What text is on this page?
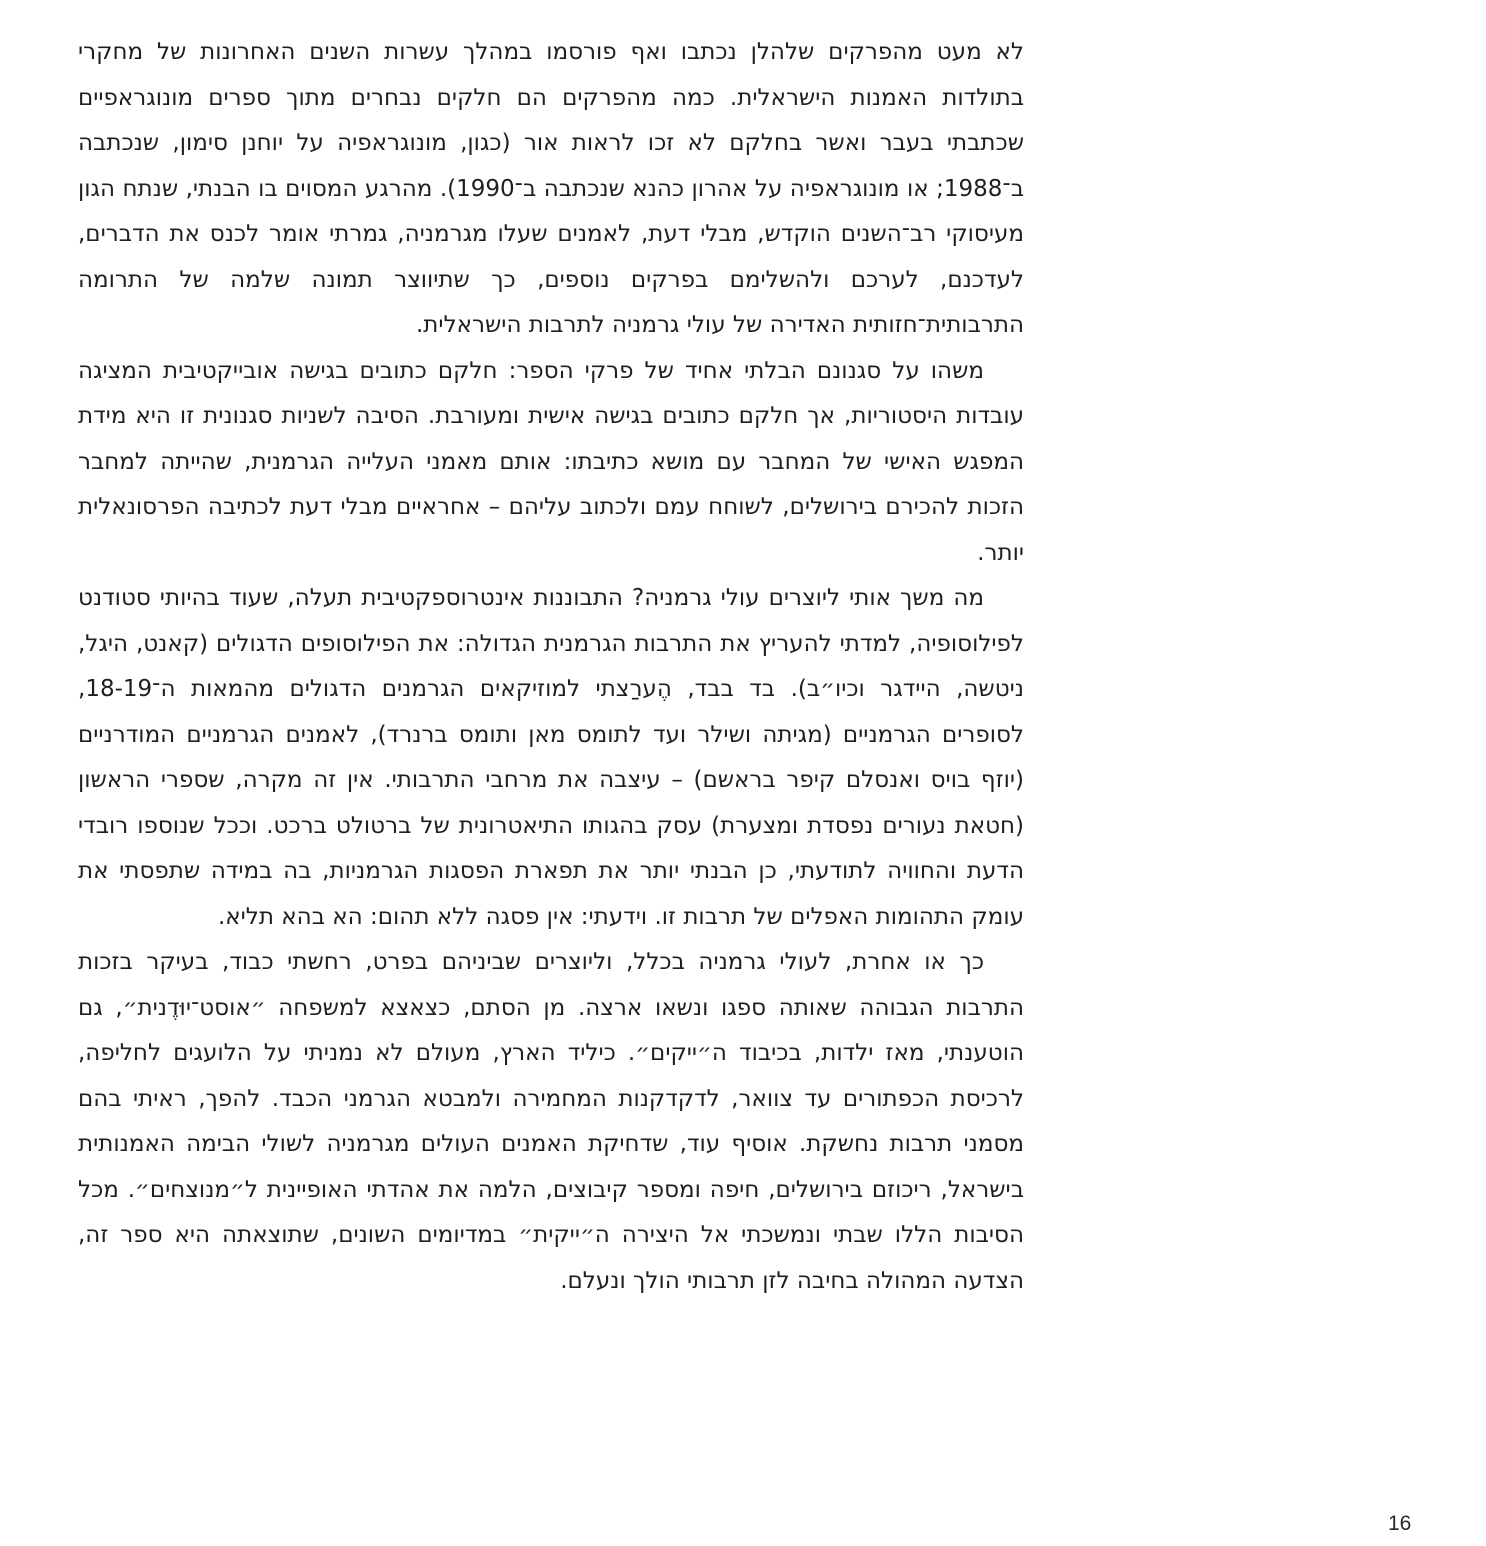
לא מעט מהפרקים שלהלן נכתבו ואף פורסמו במהלך עשרות השנים האחרונות של מחקרי בתולדות האמנות הישראלית. כמה מהפרקים הם חלקים נבחרים מתוך ספרים מונוגראפיים שכתבתי בעבר ואשר בחלקם לא זכו לראות אור (כגון, מונוגראפיה על יוחנן סימון, שנכתבה ב־1988; או מונוגראפיה על אהרון כהנא שנכתבה ב־1990). מהרגע המסוים בו הבנתי, שנתח הגון מעיסוקי רב־השנים הוקדש, מבלי דעת, לאמנים שעלו מגרמניה, גמרתי אומר לכנס את הדברים, לעדכנם, לערכם ולהשלימם בפרקים נוספים, כך שתיווצר תמונה שלמה של התרומה התרבותית־חזותית האדירה של עולי גרמניה לתרבות הישראלית.

משהו על סגנונם הבלתי אחיד של פרקי הספר: חלקם כתובים בגישה אובייקטיבית המציגה עובדות היסטוריות, אך חלקם כתובים בגישה אישית ומעורבת. הסיבה לשניות סגנונית זו היא מידת המפגש האישי של המחבר עם מושא כתיבתו: אותם מאמני העלייה הגרמנית, שהייתה למחבר הזכות להכירם בירושלים, לשוחח עמם ולכתוב עליהם – אחראיים מבלי דעת לכתיבה הפרסונאלית יותר.

מה משך אותי ליוצרים עולי גרמניה? התבוננות אינטרוספקטיבית תעלה, שעוד בהיותי סטודנט לפילוסופיה, למדתי להעריץ את התרבות הגרמנית הגדולה: את הפילוסופים הדגולים (קאנט, היגל, ניטשה, היידגר וכיו״ב). בד בבד, הֶערַצתי למוזיקאים הגרמנים הדגולים מהמאות ה־18-19, לסופרים הגרמניים (מגיתה ושילר ועד לתומס מאן ותומס ברנרד), לאמנים הגרמניים המודרניים (יוזף בויס ואנסלם קיפר בראשם) – עיצבה את מרחבי התרבותי. אין זה מקרה, שספרי הראשון (חטאת נעורים נפסדת ומצערת) עסק בהגותו התיאטרונית של ברטולט ברכט. וככל שנוספו רובדי הדעת והחוויה לתודעתי, כן הבנתי יותר את תפארת הפסגות הגרמניות, בה במידה שתפסתי את עומק התהומות האפלים של תרבות זו. וידעתי: אין פסגה ללא תהום: הא בהא תליא.

כך או אחרת, לעולי גרמניה בכלל, וליוצרים שביניהם בפרט, רחשתי כבוד, בעיקר בזכות התרבות הגבוהה שאותה ספגו ונשאו ארצה. מן הסתם, כצאצא למשפחה ״אוסט־יוּדֶנית״, גם הוטענתי, מאז ילדות, בכיבוד ה״ייקים״. כיליד הארץ, מעולם לא נמניתי על הלועגים לחליפה, לרכיסת הכפתורים עד צוואר, לדקדקנות המחמירה ולמבטא הגרמני הכבד. להפך, ראיתי בהם מסמני תרבות נחשקת. אוסיף עוד, שדחיקת האמנים העולים מגרמניה לשולי הבימה האמנותית בישראל, ריכוזם בירושלים, חיפה ומספר קיבוצים, הלמה את אהדתי האופיינית ל״מנוצחים״. מכל הסיבות הללו שבתי ונמשכתי אל היצירה ה״ייקית״ במדיומים השונים, שתוצאתה היא ספר זה, הצדעה המהולה בחיבה לזן תרבותי הולך ונעלם.

16
